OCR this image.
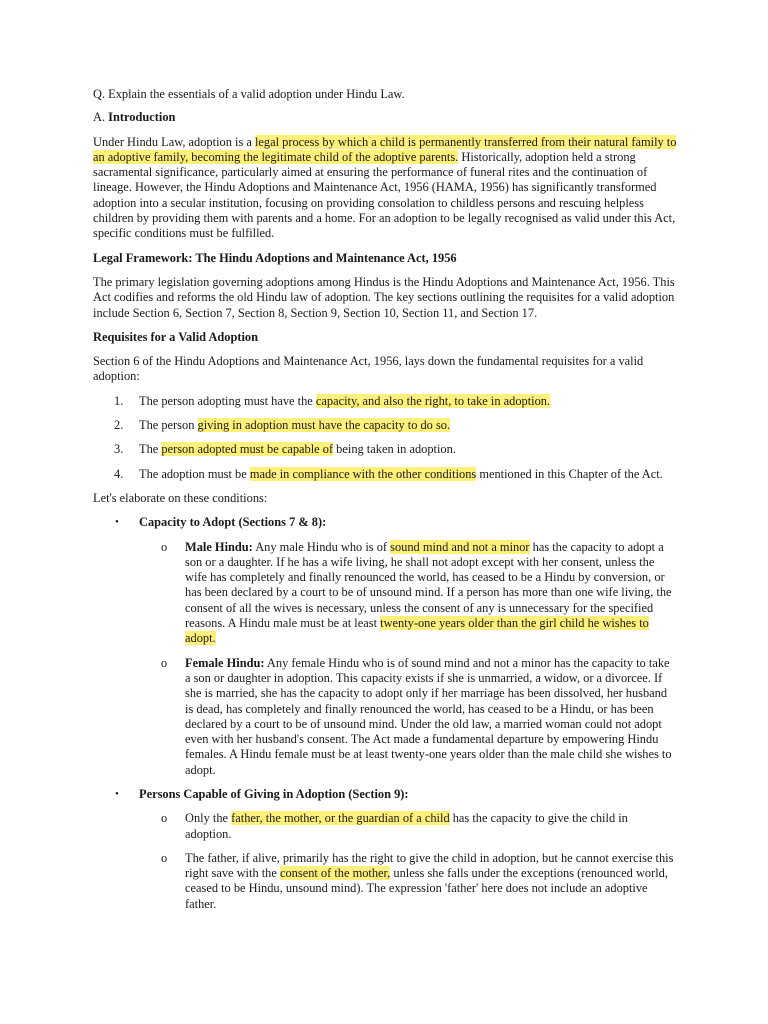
Q. Explain the essentials of a valid adoption under Hindu Law.

A. Introduction

Under Hindu Law, adoption is a legal process by which a child is permanently transferred from their natural family to an adoptive family, becoming the legitimate child of the adoptive parents. Historically, adoption held a strong sacramental significance, particularly aimed at ensuring the performance of funeral rites and the continuation of lineage. However, the Hindu Adoptions and Maintenance Act, 1956 (HAMA, 1956) has significantly transformed adoption into a secular institution, focusing on providing consolation to childless persons and rescuing helpless children by providing them with parents and a home. For an adoption to be legally recognised as valid under this Act, specific conditions must be fulfilled.

Legal Framework: The Hindu Adoptions and Maintenance Act, 1956

The primary legislation governing adoptions among Hindus is the Hindu Adoptions and Maintenance Act, 1956. This Act codifies and reforms the old Hindu law of adoption. The key sections outlining the requisites for a valid adoption include Section 6, Section 7, Section 8, Section 9, Section 10, Section 11, and Section 17.

Requisites for a Valid Adoption

Section 6 of the Hindu Adoptions and Maintenance Act, 1956, lays down the fundamental requisites for a valid adoption:

1. The person adopting must have the capacity, and also the right, to take in adoption.
2. The person giving in adoption must have the capacity to do so.
3. The person adopted must be capable of being taken in adoption.
4. The adoption must be made in compliance with the other conditions mentioned in this Chapter of the Act.

Let's elaborate on these conditions:

• Capacity to Adopt (Sections 7 & 8):
o Male Hindu: Any male Hindu who is of sound mind and not a minor has the capacity to adopt a son or a daughter. If he has a wife living, he shall not adopt except with her consent, unless the wife has completely and finally renounced the world, has ceased to be a Hindu by conversion, or has been declared by a court to be of unsound mind. If a person has more than one wife living, the consent of all the wives is necessary, unless the consent of any is unnecessary for the specified reasons. A Hindu male must be at least twenty-one years older than the girl child he wishes to adopt.
o Female Hindu: Any female Hindu who is of sound mind and not a minor has the capacity to take a son or daughter in adoption. This capacity exists if she is unmarried, a widow, or a divorcee. If she is married, she has the capacity to adopt only if her marriage has been dissolved, her husband is dead, has completely and finally renounced the world, has ceased to be a Hindu, or has been declared by a court to be of unsound mind. Under the old law, a married woman could not adopt even with her husband's consent. The Act made a fundamental departure by empowering Hindu females. A Hindu female must be at least twenty-one years older than the male child she wishes to adopt.
• Persons Capable of Giving in Adoption (Section 9):
o Only the father, the mother, or the guardian of a child has the capacity to give the child in adoption.
o The father, if alive, primarily has the right to give the child in adoption, but he cannot exercise this right save with the consent of the mother, unless she falls under the exceptions (renounced world, ceased to be Hindu, unsound mind). The expression 'father' here does not include an adoptive father.
